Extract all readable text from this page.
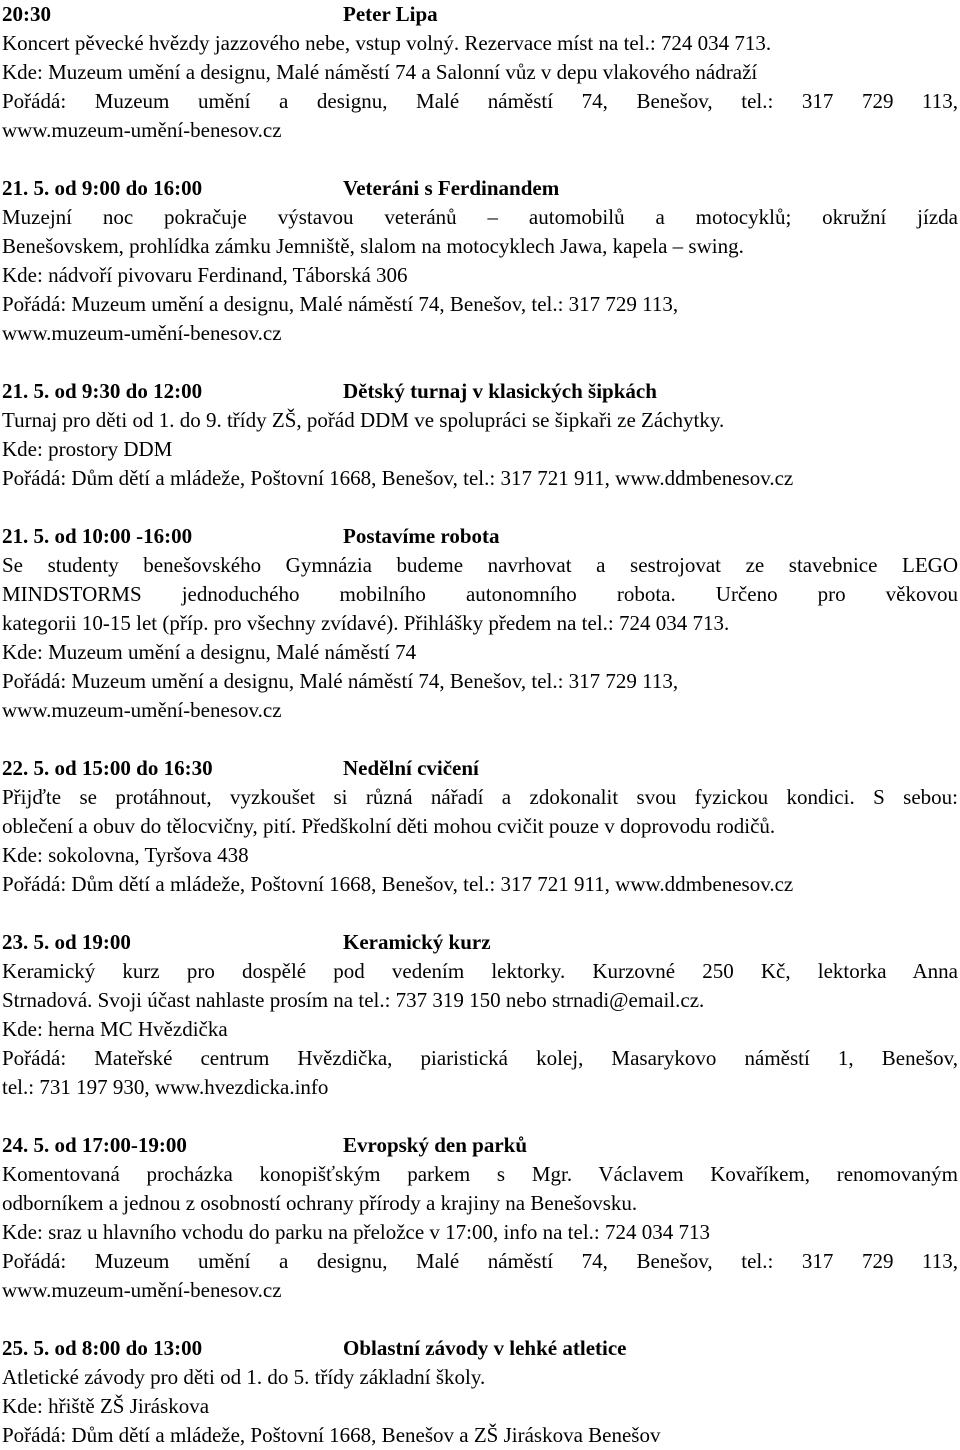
20:30	Peter Lipa
Koncert pěvecké hvězdy jazzového nebe, vstup volný. Rezervace míst na tel.: 724 034 713.
Kde: Muzeum umění a designu, Malé náměstí 74 a Salonní vůz v depu vlakového nádraží
Pořádá: Muzeum umění a designu, Malé náměstí 74, Benešov, tel.: 317 729 113,
www.muzeum-umění-benesov.cz
21. 5. od 9:00 do 16:00	Veteráni s Ferdinandem
Muzejní noc pokračuje výstavou veteránů – automobilů a motocyklů; okružní jízda
Benešovskem, prohlídka zámku Jemniště, slalom na motocyklech Jawa, kapela – swing.
Kde: nádvoří pivovaru Ferdinand, Táborská 306
Pořádá: Muzeum umění a designu, Malé náměstí 74, Benešov, tel.: 317 729 113,
www.muzeum-umění-benesov.cz
21. 5. od 9:30 do 12:00	Dětský turnaj v klasických šipkách
Turnaj pro děti od 1. do 9. třídy ZŠ, pořád DDM ve spolupráci se šipkaři ze Záchytky.
Kde: prostory DDM
Pořádá: Dům dětí a mládeže, Poštovní 1668, Benešov, tel.: 317 721 911, www.ddmbenesov.cz
21. 5. od 10:00 -16:00	Postavíme robota
Se studenty benešovského Gymnázia budeme navrhovat a sestrojovat ze stavebnice LEGO
MINDSTORMS jednoduchého mobilního autonomního robota. Určeno pro věkovou
kategorii 10-15 let (příp. pro všechny zvídavé). Přihlášky předem na tel.: 724 034 713.
Kde: Muzeum umění a designu, Malé náměstí 74
Pořádá: Muzeum umění a designu, Malé náměstí 74, Benešov, tel.: 317 729 113,
www.muzeum-umění-benesov.cz
22. 5. od 15:00 do 16:30	Nedělní cvičení
Přijďte se protáhnout, vyzkoušet si různá nářadí a zdokonalit svou fyzickou kondici. S sebou:
oblečení a obuv do tělocvičny, pití. Předškolní děti mohou cvičit pouze v doprovodu rodičů.
Kde: sokolovna, Tyršova 438
Pořádá: Dům dětí a mládeže, Poštovní 1668, Benešov, tel.: 317 721 911, www.ddmbenesov.cz
23. 5. od 19:00	Keramický kurz
Keramický kurz pro dospělé pod vedením lektorky. Kurzovné 250 Kč, lektorka Anna
Strnadová. Svoji účast nahlaste prosím na tel.: 737 319 150 nebo strnadi@email.cz.
Kde: herna MC Hvězdička
Pořádá: Mateřské centrum Hvězdička, piaristická kolej, Masarykovo náměstí 1, Benešov,
tel.: 731 197 930, www.hvezdicka.info
24. 5. od 17:00-19:00	Evropský den parků
Komentovaná procházka konopišťským parkem s Mgr. Václavem Kovaříkem, renomovaným
odborníkem a jednou z osobností ochrany přírody a krajiny na Benešovsku.
Kde: sraz u hlavního vchodu do parku na přeložce v 17:00, info na tel.: 724 034 713
Pořádá: Muzeum umění a designu, Malé náměstí 74, Benešov, tel.: 317 729 113,
www.muzeum-umění-benesov.cz
25. 5. od 8:00 do 13:00	Oblastní závody v lehké atletice
Atletické závody pro děti od 1. do 5. třídy základní školy.
Kde: hřiště ZŠ Jiráskova
Pořádá: Dům dětí a mládeže, Poštovní 1668, Benešov a ZŠ Jiráskova Benešov
